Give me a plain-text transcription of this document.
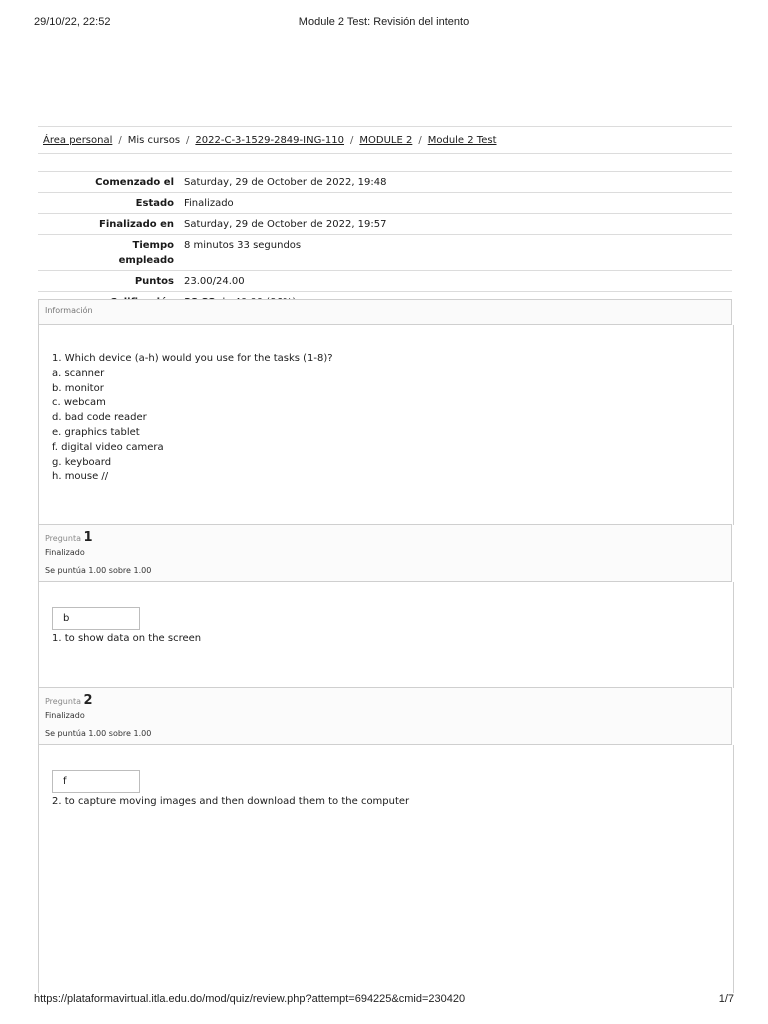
29/10/22, 22:52	Module 2 Test: Revisión del intento
Área personal / Mis cursos / 2022-C-3-1529-2849-ING-110 / MODULE 2 / Module 2 Test
Comenzado el	Saturday, 29 de October de 2022, 19:48
Estado	Finalizado
Finalizado en	Saturday, 29 de October de 2022, 19:57
Tiempo empleado	8 minutos 33 segundos
Puntos	23.00/24.00

Información
1. Which device (a-h) would you use for the tasks (1-8)?
a. scanner
b. monitor
c. webcam
d. bad code reader
e. graphics tablet
f. digital video camera
g. keyboard
h. mouse //
Pregunta 1
Finalizado
Se puntúa 1.00 sobre 1.00
b
1. to show data on the screen
Pregunta 2
Finalizado
Se puntúa 1.00 sobre 1.00
f
2. to capture moving images and then download them to the computer
https://plataformavirtual.itla.edu.do/mod/quiz/review.php?attempt=694225&cmid=230420	1/7
